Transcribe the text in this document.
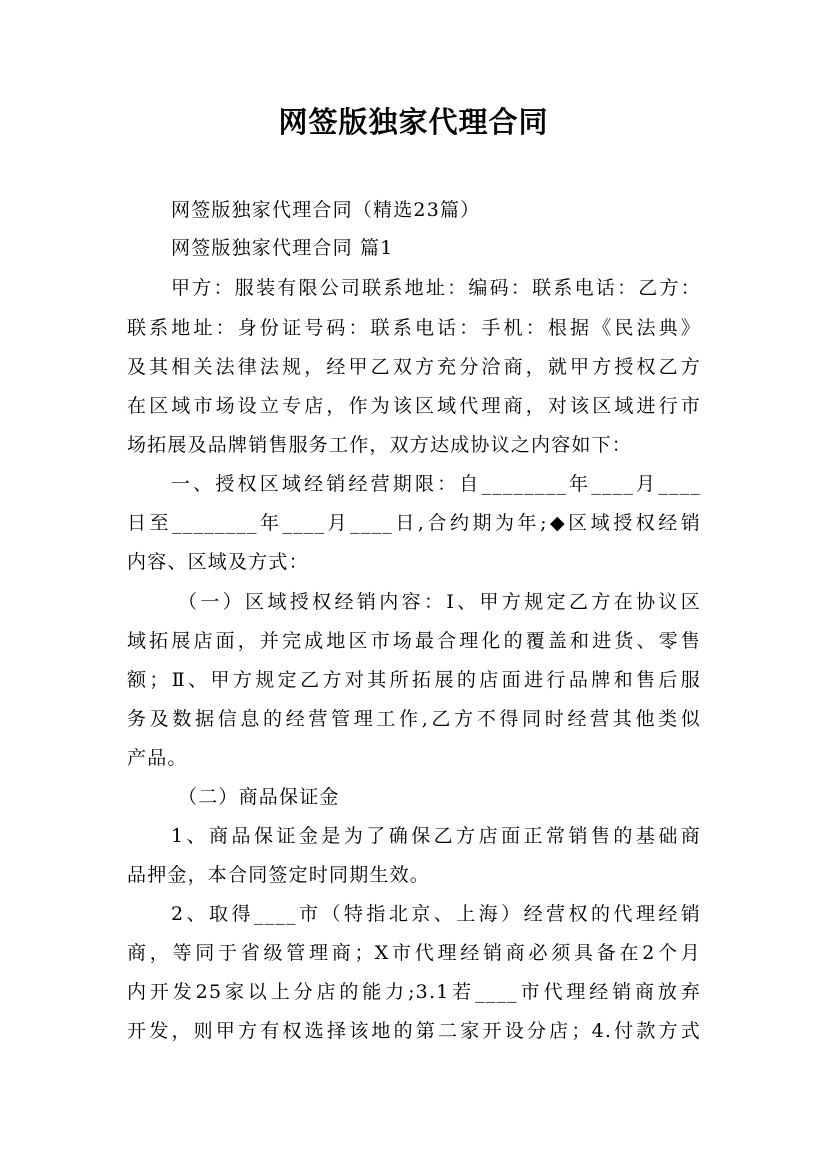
网签版独家代理合同
网签版独家代理合同（精选23篇）
网签版独家代理合同 篇1
甲方：服装有限公司联系地址：编码：联系电话：乙方：
联系地址：身份证号码：联系电话：手机：根据《民法典》
及其相关法律法规，经甲乙双方充分洽商，就甲方授权乙方
在区域市场设立专店，作为该区域代理商，对该区域进行市
场拓展及品牌销售服务工作，双方达成协议之内容如下：
一、授权区域经销经营期限：自________年____月____
日至________年____月____日,合约期为年;◆区域授权经销
内容、区域及方式：
（一）区域授权经销内容：Ⅰ、甲方规定乙方在协议区
域拓展店面，并完成地区市场最合理化的覆盖和进货、零售
额；Ⅱ、甲方规定乙方对其所拓展的店面进行品牌和售后服
务及数据信息的经营管理工作,乙方不得同时经营其他类似
产品。
（二）商品保证金
1、商品保证金是为了确保乙方店面正常销售的基础商
品押金，本合同签定时同期生效。
2、取得____市（特指北京、上海）经营权的代理经销
商，等同于省级管理商；X市代理经销商必须具备在2个月
内开发25家以上分店的能力;3.1若____市代理经销商放弃
开发，则甲方有权选择该地的第二家开设分店；4.付款方式
